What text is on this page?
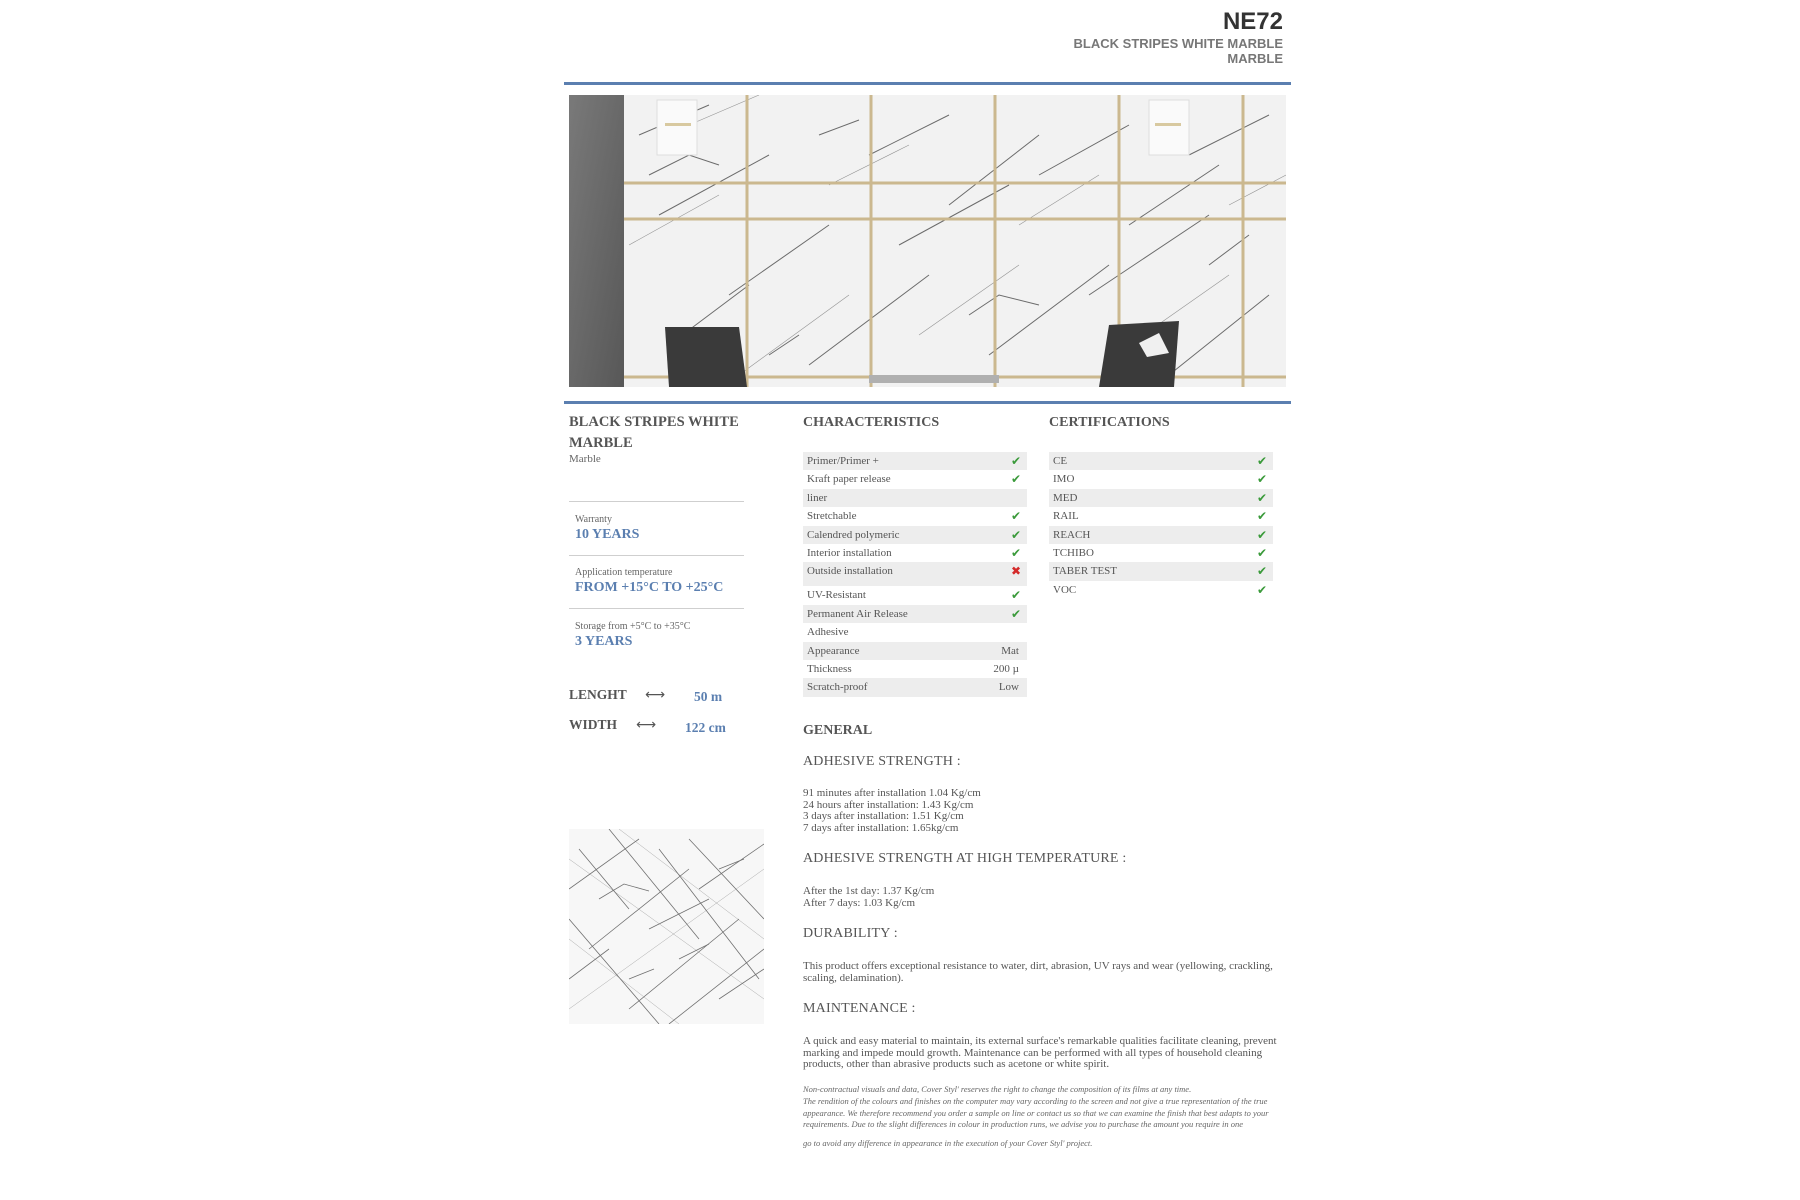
NE72
BLACK STRIPES WHITE MARBLE
MARBLE
BLACK STRIPES WHITE MARBLE
Marble
Warranty
10 YEARS
Application temperature
FROM +15°C TO +25°C
Storage from +5°C to +35°C
3 YEARS
LENGHT ⟷ 50 m
WIDTH ⟷ 122 cm
CHARACTERISTICS
Primer/Primer +	✔
Kraft paper release	✔
liner
Stretchable	✔
Calendred polymeric	✔
Interior installation	✔
Outside installation	✖
UV-Resistant	✔
Permanent Air Release	✔
Adhesive
Appearance	Mat
Thickness	200 µ
Scratch-proof	Low
CERTIFICATIONS
CE	✔
IMO	✔
MED	✔
RAIL	✔
REACH	✔
TCHIBO	✔
TABER TEST	✔
VOC	✔
GENERAL
ADHESIVE STRENGTH :
91 minutes after installation 1.04 Kg/cm
24 hours after installation: 1.43 Kg/cm
3 days after installation: 1.51 Kg/cm
7 days after installation: 1.65kg/cm
ADHESIVE STRENGTH AT HIGH TEMPERATURE :
After the 1st day: 1.37 Kg/cm
After 7 days: 1.03 Kg/cm
DURABILITY :
This product offers exceptional resistance to water, dirt, abrasion, UV rays and wear (yellowing, crackling, scaling, delamination).
MAINTENANCE :
A quick and easy material to maintain, its external surface's remarkable qualities facilitate cleaning, prevent marking and impede mould growth. Maintenance can be performed with all types of household cleaning products, other than abrasive products such as acetone or white spirit.
Non-contractual visuals and data, Cover Styl' reserves the right to change the composition of its films at any time.
The rendition of the colours and finishes on the computer may vary according to the screen and not give a true representation of the true appearance. We therefore recommend you order a sample on line or contact us so that we can examine the finish that best adapts to your requirements. Due to the slight differences in colour in production runs, we advise you to purchase the amount you require in one
go to avoid any difference in appearance in the execution of your Cover Styl' project.
